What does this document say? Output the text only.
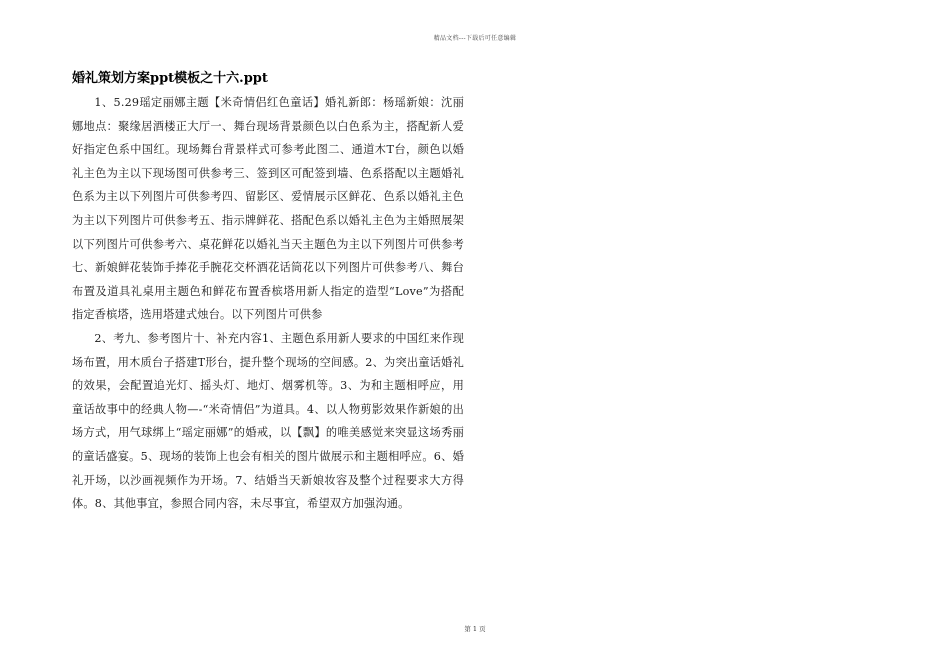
精品文档---下载后可任意编辑
婚礼策划方案ppt模板之十六.ppt

1、5.29瑶定丽娜主题【米奇情侣红色童话】婚礼新郎：杨瑶新娘：沈丽娜地点：聚缘居酒楼正大厅一、舞台现场背景颜色以白色系为主，搭配新人爱好指定色系中国红。现场舞台背景样式可参考此图二、通道木T台，颜色以婚礼主色为主以下现场图可供参考三、签到区可配签到墙、色系搭配以主题婚礼色系为主以下列图片可供参考四、留影区、爱情展示区鲜花、色系以婚礼主色为主以下列图片可供参考五、指示牌鲜花、搭配色系以婚礼主色为主婚照展架以下列图片可供参考六、桌花鲜花以婚礼当天主题色为主以下列图片可供参考七、新娘鲜花装饰手捧花手腕花交杯酒花话筒花以下列图片可供参考八、舞台布置及道具礼桌用主题色和鲜花布置香槟塔用新人指定的造型“Love”为搭配指定香槟塔，选用塔建式烛台。以下列图片可供参

2、考九、参考图片十、补充内容1、主题色系用新人要求的中国红来作现场布置，用木质台子搭建T形台，提升整个现场的空间感。2、为突出童话婚礼的效果，会配置追光灯、摇头灯、地灯、烟雾机等。3、为和主题相呼应，用童话故事中的经典人物—-“米奇情侣”为道具。4、以人物剪影效果作新娘的出场方式，用气球绑上“瑶定丽娜”的婚戒，以【飘】的唯美感觉来突显这场秀丽的童话盛宴。5、现场的装饰上也会有相关的图片做展示和主题相呼应。6、婚礼开场，以沙画视频作为开场。7、结婚当天新娘妆容及整个过程要求大方得体。8、其他事宜，参照合同内容，未尽事宜，希望双方加强沟通。

第 1 页
